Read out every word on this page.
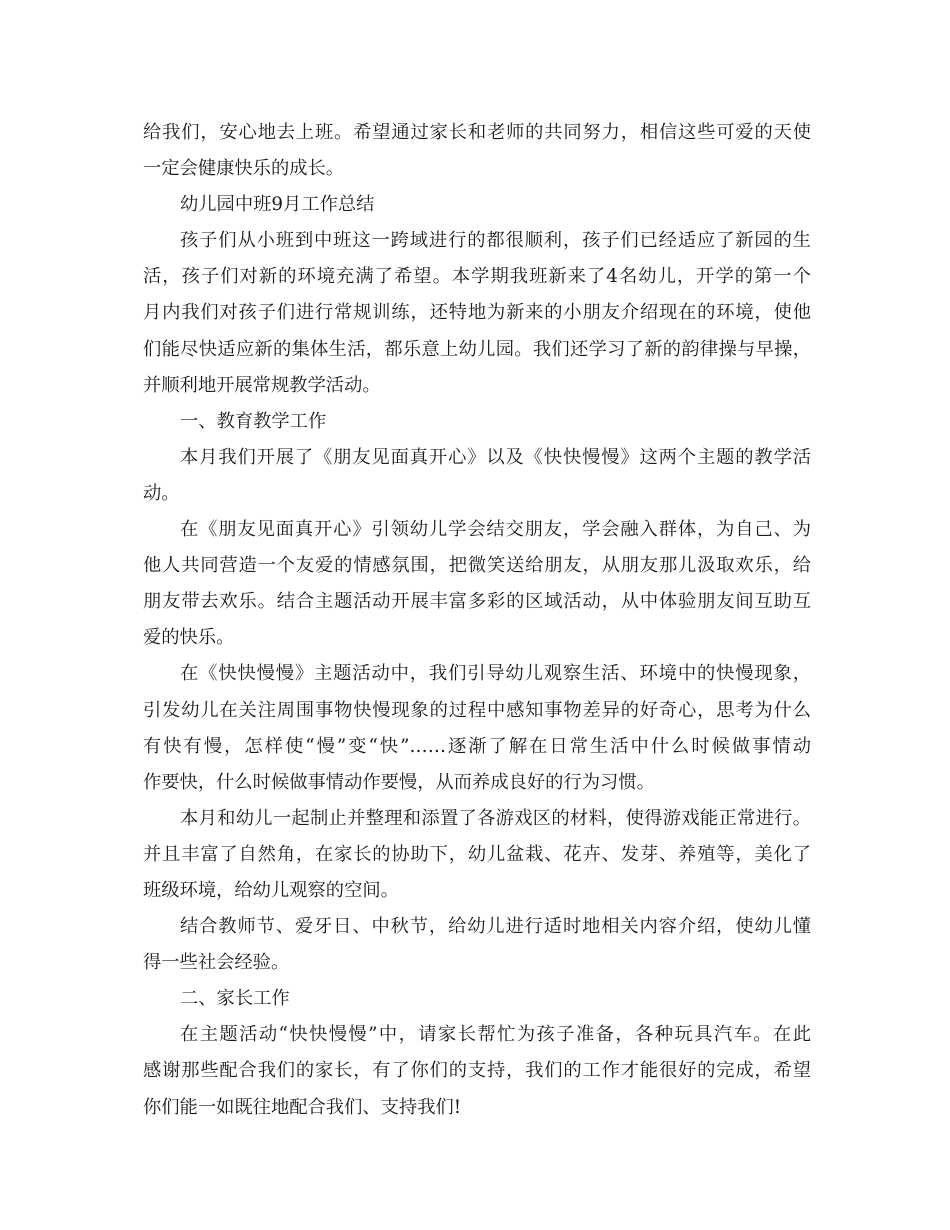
给我们，安心地去上班。希望通过家长和老师的共同努力，相信这些可爱的天使
一定会健康快乐的成长。
幼儿园中班9月工作总结
孩子们从小班到中班这一跨域进行的都很顺利，孩子们已经适应了新园的生
活，孩子们对新的环境充满了希望。本学期我班新来了4名幼儿，开学的第一个
月内我们对孩子们进行常规训练，还特地为新来的小朋友介绍现在的环境，使他
们能尽快适应新的集体生活，都乐意上幼儿园。我们还学习了新的韵律操与早操，
并顺利地开展常规教学活动。
一、教育教学工作
本月我们开展了《朋友见面真开心》以及《快快慢慢》这两个主题的教学活
动。
在《朋友见面真开心》引领幼儿学会结交朋友，学会融入群体，为自己、为
他人共同营造一个友爱的情感氛围，把微笑送给朋友，从朋友那儿汲取欢乐，给
朋友带去欢乐。结合主题活动开展丰富多彩的区域活动，从中体验朋友间互助互
爱的快乐。
在《快快慢慢》主题活动中，我们引导幼儿观察生活、环境中的快慢现象，
引发幼儿在关注周围事物快慢现象的过程中感知事物差异的好奇心，思考为什么
有快有慢，怎样使“慢”变“快”……逐渐了解在日常生活中什么时候做事情动
作要快，什么时候做事情动作要慢，从而养成良好的行为习惯。
本月和幼儿一起制止并整理和添置了各游戏区的材料，使得游戏能正常进行。
并且丰富了自然角，在家长的协助下，幼儿盆栽、花卉、发芽、养殖等，美化了
班级环境，给幼儿观察的空间。
结合教师节、爱牙日、中秋节，给幼儿进行适时地相关内容介绍，使幼儿懂
得一些社会经验。
二、家长工作
在主题活动“快快慢慢”中，请家长帮忙为孩子准备，各种玩具汽车。在此
感谢那些配合我们的家长，有了你们的支持，我们的工作才能很好的完成，希望
你们能一如既往地配合我们、支持我们!
